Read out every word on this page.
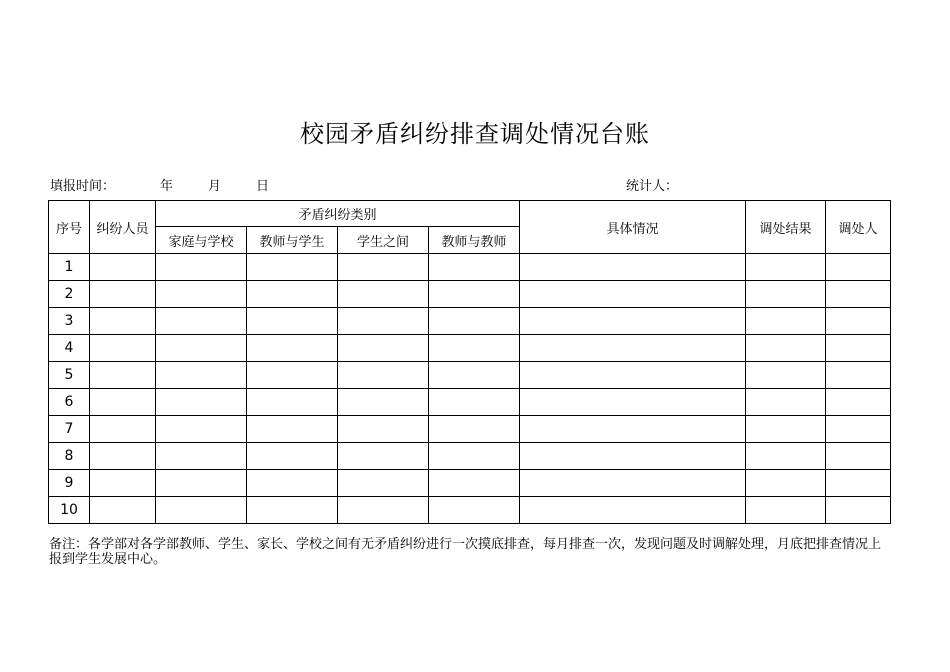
校园矛盾纠纷排查调处情况台账

填报时间：

	年

	月

	日	统计人：
序号	纠纷人员	矛盾纠纷类别				具体情况	调处结果	调处人
		家庭与学校	教师与学生	学生之间	教师与教师			
1								
2								
3								
4								
5								
6								
7								
8								
9								
10								
备注：各学部对各学部教师、学生、家长、学校之间有无矛盾纠纷进行一次摸底排查，每月排查一次，发现问题及时调解处理，月底把排查情况上报到学生发展中心。
